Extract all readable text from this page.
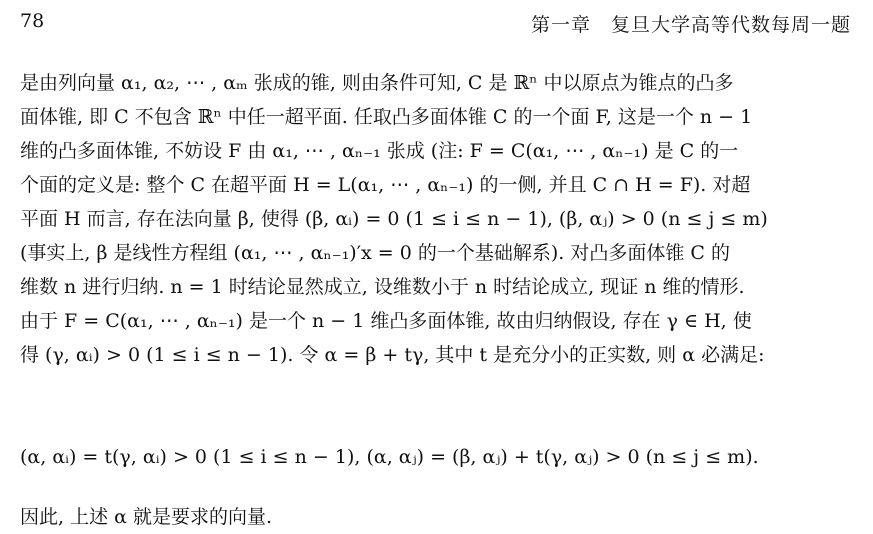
78	第一章　复旦大学高等代数每周一题
是由列向量 α₁, α₂, ⋯ , αₘ 张成的锥, 则由条件可知, C 是 ℝⁿ 中以原点为锥点的凸多
面体锥, 即 C 不包含 ℝⁿ 中任一超平面. 任取凸多面体锥 C 的一个面 F, 这是一个 n − 1
维的凸多面体锥, 不妨设 F 由 α₁, ⋯ , αₙ₋₁ 张成 (注: F = C(α₁, ⋯ , αₙ₋₁) 是 C 的一
个面的定义是: 整个 C 在超平面 H = L(α₁, ⋯ , αₙ₋₁) 的一侧, 并且 C ∩ H = F). 对超
平面 H 而言, 存在法向量 β, 使得 (β, αᵢ) = 0 (1 ≤ i ≤ n − 1), (β, αⱼ) > 0 (n ≤ j ≤ m)
(事实上, β 是线性方程组 (α₁, ⋯ , αₙ₋₁)′x = 0 的一个基础解系). 对凸多面体锥 C 的
维数 n 进行归纳. n = 1 时结论显然成立, 设维数小于 n 时结论成立, 现证 n 维的情形.
由于 F = C(α₁, ⋯ , αₙ₋₁) 是一个 n − 1 维凸多面体锥, 故由归纳假设, 存在 γ ∈ H, 使
得 (γ, αᵢ) > 0 (1 ≤ i ≤ n − 1). 令 α = β + tγ, 其中 t 是充分小的正实数, 则 α 必满足:
(α, αᵢ) = t(γ, αᵢ) > 0 (1 ≤ i ≤ n − 1), (α, αⱼ) = (β, αⱼ) + t(γ, αⱼ) > 0 (n ≤ j ≤ m).
因此, 上述 α 就是要求的向量.
